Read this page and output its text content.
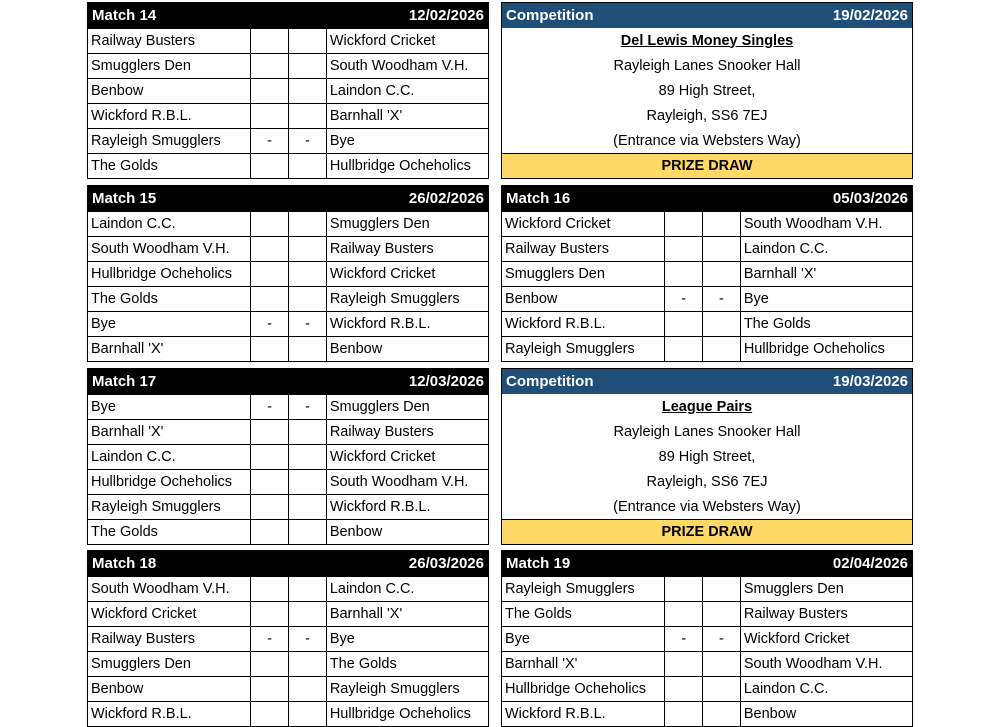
Match 14	12/02/2026
Railway Busters	Wickford Cricket
Smugglers Den	South Woodham V.H.
Benbow	Laindon C.C.
Wickford R.B.L.	Barnhall 'X'
Rayleigh Smugglers	-	-	Bye
The Golds	Hullbridge Ocheholics
Competition	19/02/2026
Del Lewis Money Singles
Rayleigh Lanes Snooker Hall
89 High Street,
Rayleigh, SS6 7EJ
(Entrance via Websters Way)
PRIZE DRAW
Match 15	26/02/2026
Laindon C.C.	Smugglers Den
South Woodham V.H.	Railway Busters
Hullbridge Ocheholics	Wickford Cricket
The Golds	Rayleigh Smugglers
Bye	-	-	Wickford R.B.L.
Barnhall 'X'	Benbow
Match 16	05/03/2026
Wickford Cricket	South Woodham V.H.
Railway Busters	Laindon C.C.
Smugglers Den	Barnhall 'X'
Benbow	-	-	Bye
Wickford R.B.L.	The Golds
Rayleigh Smugglers	Hullbridge Ocheholics
Match 17	12/03/2026
Bye	-	-	Smugglers Den
Barnhall 'X'	Railway Busters
Laindon C.C.	Wickford Cricket
Hullbridge Ocheholics	South Woodham V.H.
Rayleigh Smugglers	Wickford R.B.L.
The Golds	Benbow
Competition	19/03/2026
League Pairs
Rayleigh Lanes Snooker Hall
89 High Street,
Rayleigh, SS6 7EJ
(Entrance via Websters Way)
PRIZE DRAW
Match 18	26/03/2026
South Woodham V.H.	Laindon C.C.
Wickford Cricket	Barnhall 'X'
Railway Busters	-	-	Bye
Smugglers Den	The Golds
Benbow	Rayleigh Smugglers
Wickford R.B.L.	Hullbridge Ocheholics
Match 19	02/04/2026
Rayleigh Smugglers	Smugglers Den
The Golds	Railway Busters
Bye	-	-	Wickford Cricket
Barnhall 'X'	South Woodham V.H.
Hullbridge Ocheholics	Laindon C.C.
Wickford R.B.L.	Benbow
